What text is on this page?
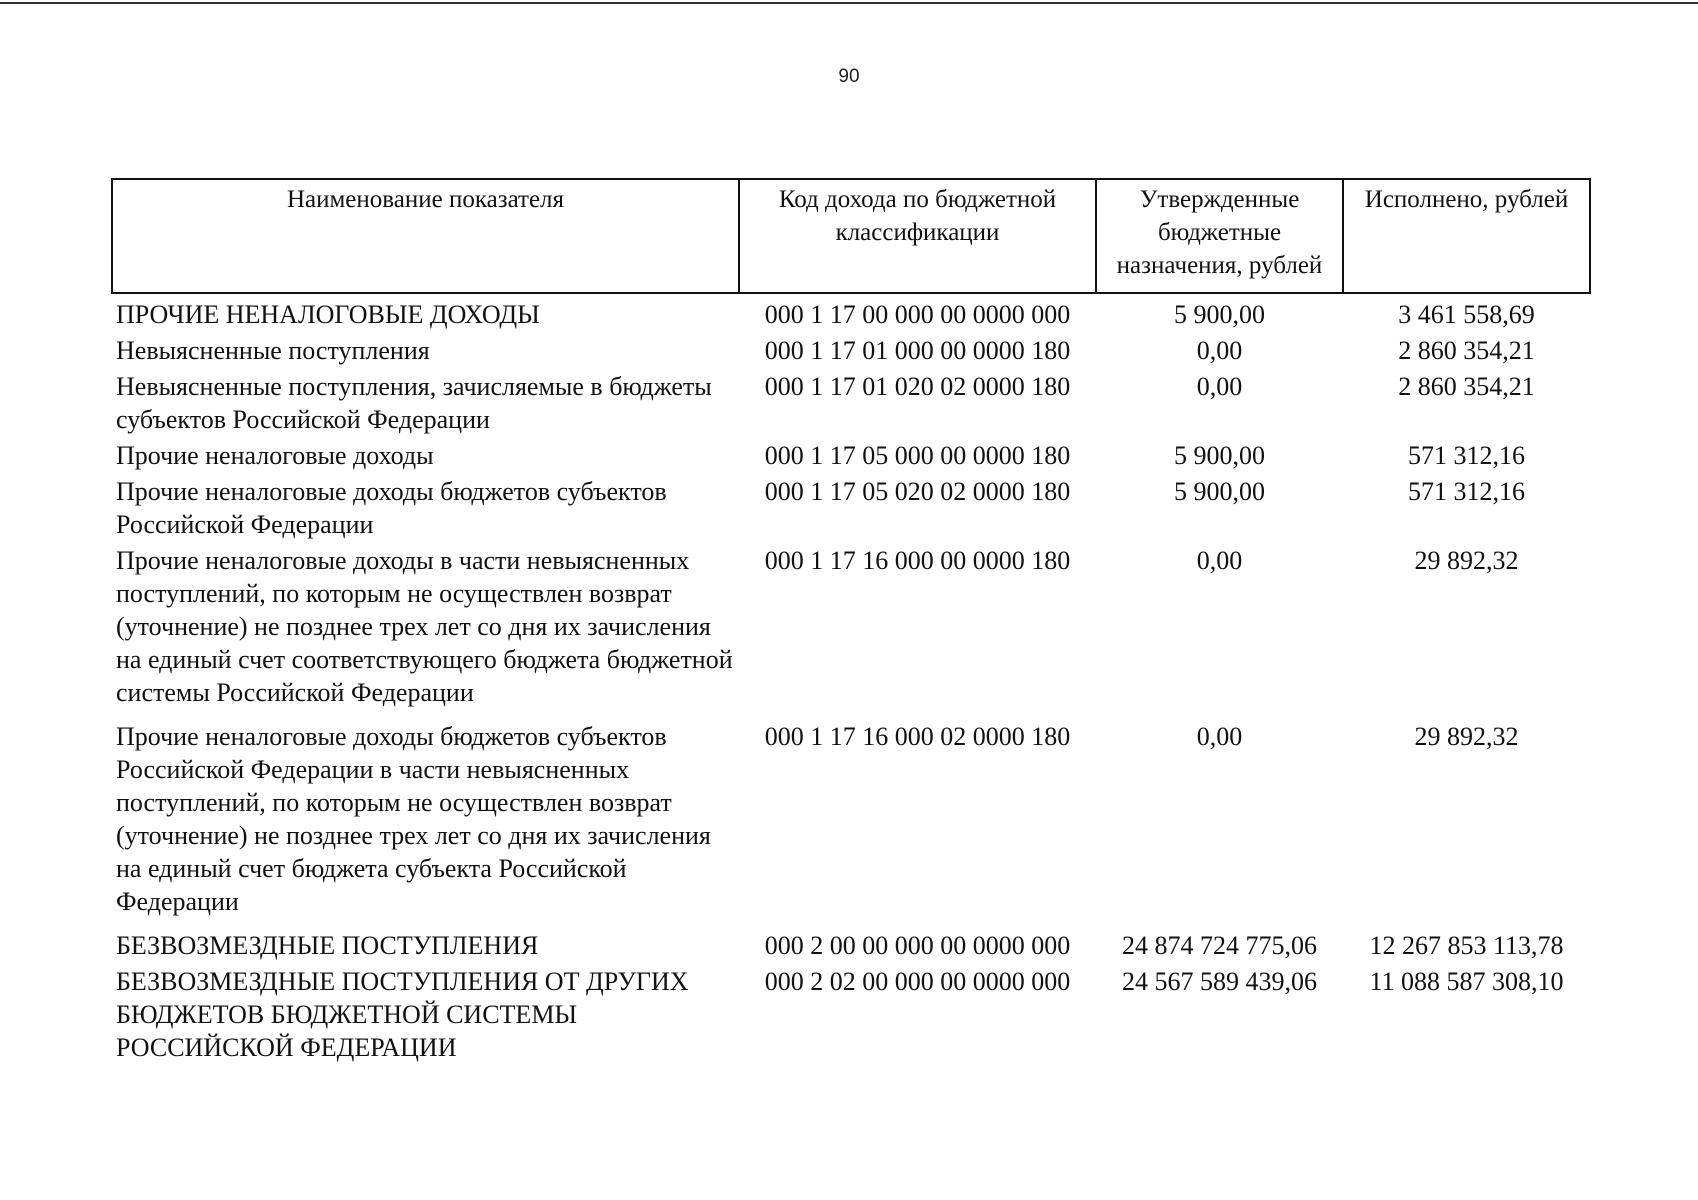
90
Наименование показателя	Код дохода по бюджетной классификации	Утвержденные бюджетные назначения, рублей	Исполнено, рублей
ПРОЧИЕ НЕНАЛОГОВЫЕ ДОХОДЫ	000 1 17 00 000 00 0000 000	5 900,00	3 461 558,69
Невыясненные поступления	000 1 17 01 000 00 0000 180	0,00	2 860 354,21
Невыясненные поступления, зачисляемые в бюджеты субъектов Российской Федерации	000 1 17 01 020 02 0000 180	0,00	2 860 354,21
Прочие неналоговые доходы	000 1 17 05 000 00 0000 180	5 900,00	571 312,16
Прочие неналоговые доходы бюджетов субъектов Российской Федерации	000 1 17 05 020 02 0000 180	5 900,00	571 312,16
Прочие неналоговые доходы в части невыясненных поступлений, по которым не осуществлен возврат (уточнение) не позднее трех лет со дня их зачисления на единый счет соответствующего бюджета бюджетной системы Российской Федерации	000 1 17 16 000 00 0000 180	0,00	29 892,32
Прочие неналоговые доходы бюджетов субъектов Российской Федерации в части невыясненных поступлений, по которым не осуществлен возврат (уточнение) не позднее трех лет со дня их зачисления на единый счет бюджета субъекта Российской Федерации	000 1 17 16 000 02 0000 180	0,00	29 892,32
БЕЗВОЗМЕЗДНЫЕ ПОСТУПЛЕНИЯ	000 2 00 00 000 00 0000 000	24 874 724 775,06	12 267 853 113,78
БЕЗВОЗМЕЗДНЫЕ ПОСТУПЛЕНИЯ ОТ ДРУГИХ БЮДЖЕТОВ БЮДЖЕТНОЙ СИСТЕМЫ РОССИЙСКОЙ ФЕДЕРАЦИИ	000 2 02 00 000 00 0000 000	24 567 589 439,06	11 088 587 308,10
